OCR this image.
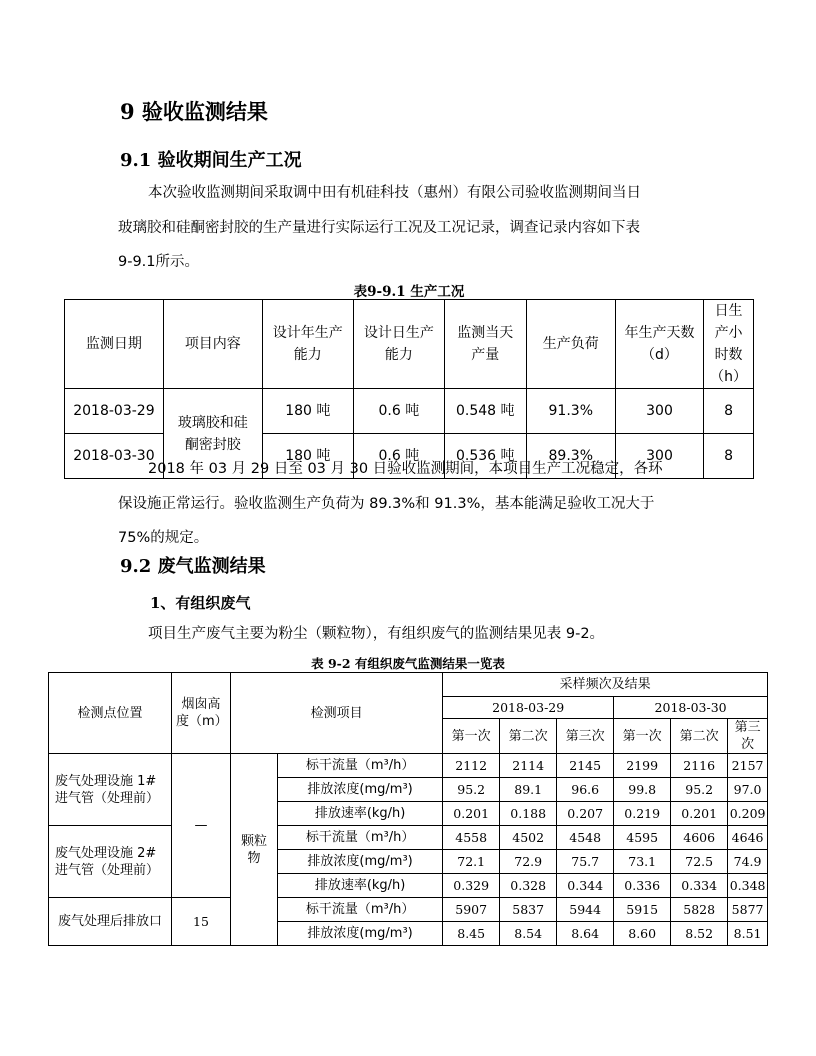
9 验收监测结果
9.1 验收期间生产工况
本次验收监测期间采取调中田有机硅科技（惠州）有限公司验收监测期间当日
玻璃胶和硅酮密封胶的生产量进行实际运行工况及工况记录，调查记录内容如下表
9-9.1所示。
表9-9.1 生产工况
监测日期	项目内容	设计年生产能力	设计日生产能力	监测当天产量	生产负荷	年生产天数（d）	日生产小时数（h）
2018-03-29	玻璃胶和硅酮密封胶	180 吨	0.6 吨	0.548 吨	91.3%	300	8
2018-03-30		180 吨	0.6 吨	0.536 吨	89.3%	300	8
2018 年 03 月 29 日至 03 月 30 日验收监测期间，本项目生产工况稳定，各环
保设施正常运行。验收监测生产负荷为 89.3%和 91.3%，基本能满足验收工况大于
75%的规定。
9.2 废气监测结果
1、有组织废气
项目生产废气主要为粉尘（颗粒物），有组织废气的监测结果见表 9-2。
表 9-2 有组织废气监测结果一览表
检测点位置	烟囱高度（m）	检测项目		采样频次及结果					
				2018-03-29			2018-03-30		
				第一次	第二次	第三次	第一次	第二次	第三次
废气处理设施 1#进气管（处理前）	—	颗粒物	标干流量（m³/h）	2112	2114	2145	2199	2116	2157
			排放浓度(mg/m³)	95.2	89.1	96.6	99.8	95.2	97.0
			排放速率(kg/h)	0.201	0.188	0.207	0.219	0.201	0.209
废气处理设施 2#进气管（处理前）			标干流量（m³/h）	4558	4502	4548	4595	4606	4646
			排放浓度(mg/m³)	72.1	72.9	75.7	73.1	72.5	74.9
			排放速率(kg/h)	0.329	0.328	0.344	0.336	0.334	0.348
废气处理后排放口	15		标干流量（m³/h）	5907	5837	5944	5915	5828	5877
			排放浓度(mg/m³)	8.45	8.54	8.64	8.60	8.52	8.51
